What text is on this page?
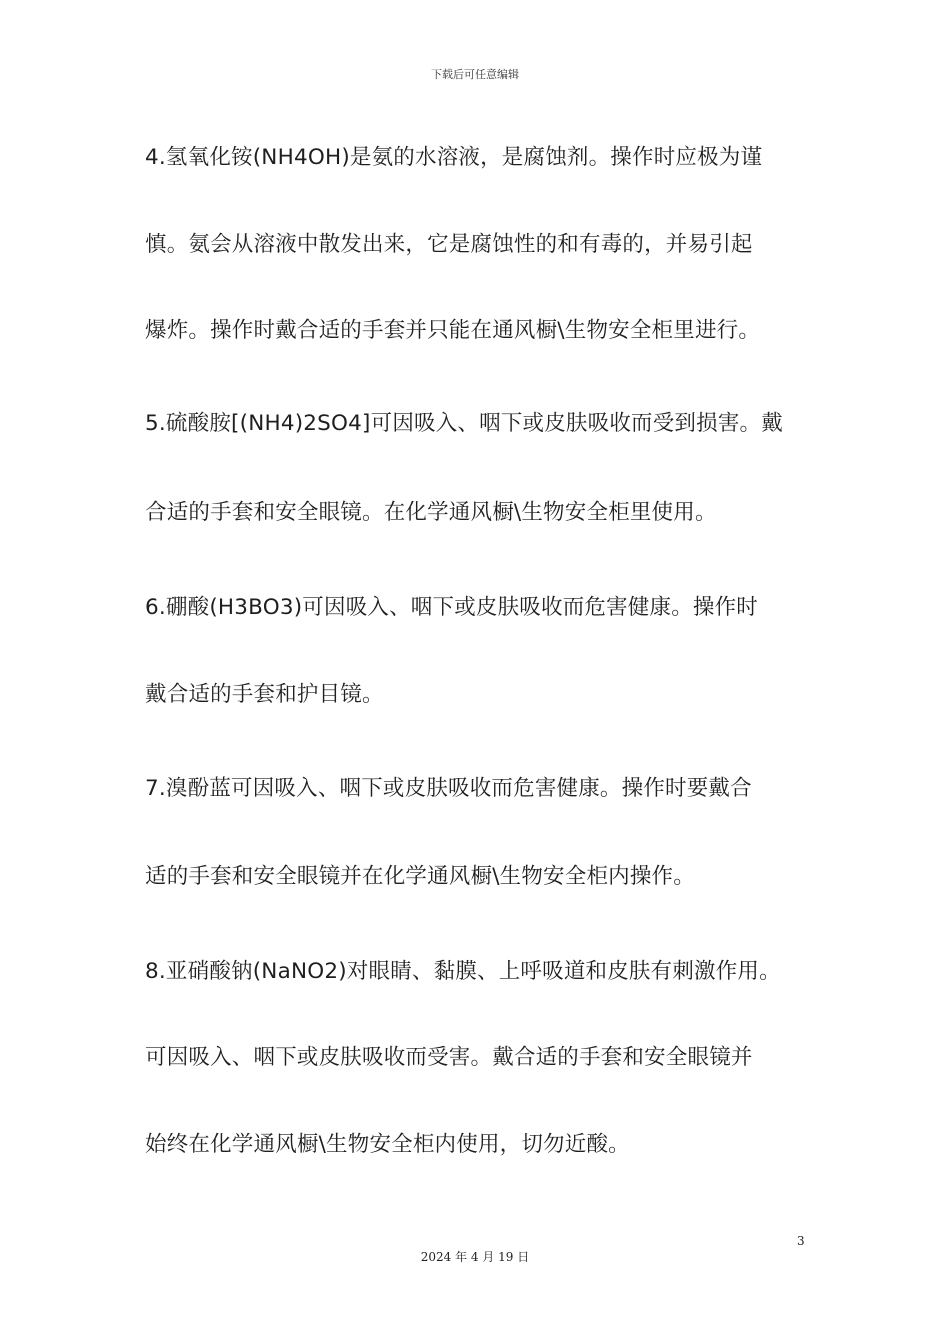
下载后可任意编辑
4.氢氧化铵(NH4OH)是氨的水溶液，是腐蚀剂。操作时应极为谨
慎。氨会从溶液中散发出来，它是腐蚀性的和有毒的，并易引起
爆炸。操作时戴合适的手套并只能在通风橱\生物安全柜里进行。
5.硫酸胺[(NH4)2SO4]可因吸入、咽下或皮肤吸收而受到损害。戴
合适的手套和安全眼镜。在化学通风橱\生物安全柜里使用。
6.硼酸(H3BO3)可因吸入、咽下或皮肤吸收而危害健康。操作时
戴合适的手套和护目镜。
7.溴酚蓝可因吸入、咽下或皮肤吸收而危害健康。操作时要戴合
适的手套和安全眼镜并在化学通风橱\生物安全柜内操作。
8.亚硝酸钠(NaNO2)对眼睛、黏膜、上呼吸道和皮肤有刺激作用。
可因吸入、咽下或皮肤吸收而受害。戴合适的手套和安全眼镜并
始终在化学通风橱\生物安全柜内使用，切勿近酸。
3
2024 年 4 月 19 日
